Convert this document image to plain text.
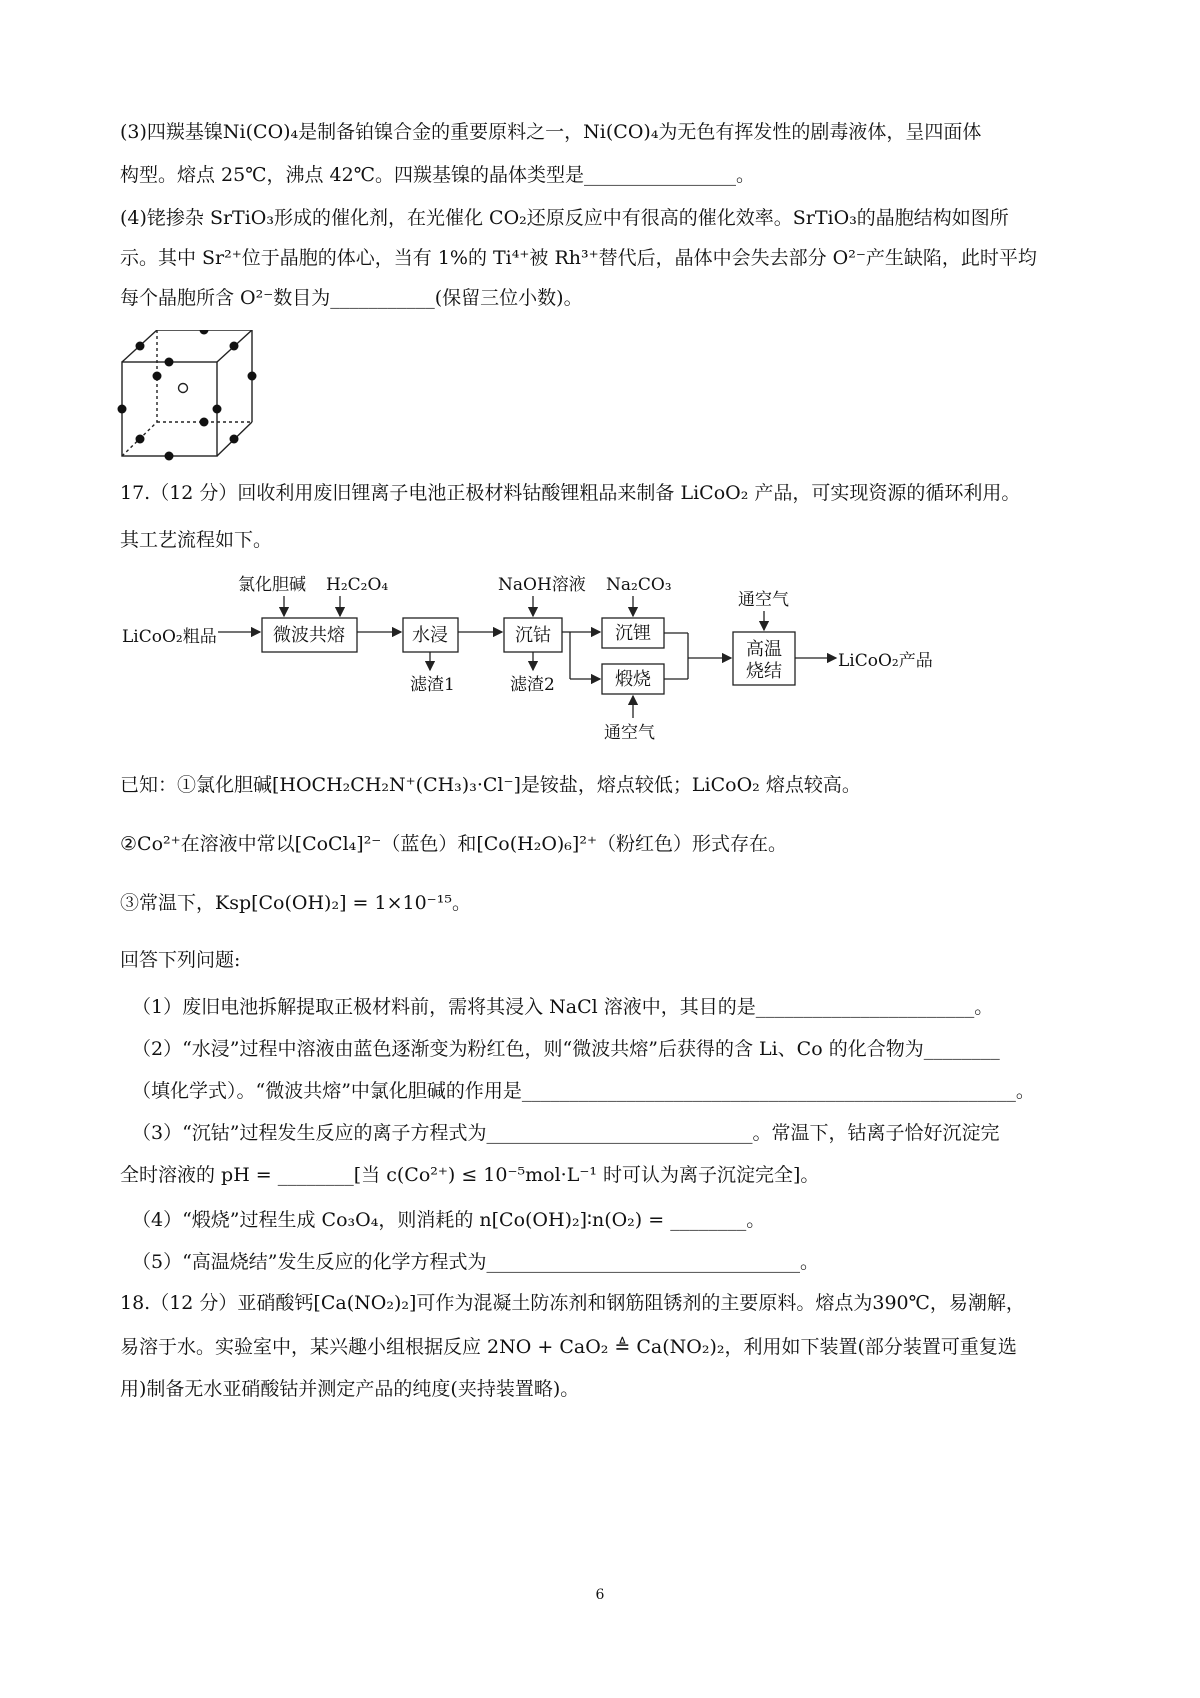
(3)四羰基镍Ni(CO)₄是制备铂镍合金的重要原料之一，Ni(CO)₄为无色有挥发性的剧毒液体，呈四面体
构型。熔点 25℃，沸点 42℃。四羰基镍的晶体类型是________________。
(4)铑掺杂 SrTiO₃形成的催化剂，在光催化 CO₂还原反应中有很高的催化效率。SrTiO₃的晶胞结构如图所
示。其中 Sr²⁺位于晶胞的体心，当有 1%的 Ti⁴⁺被 Rh³⁺替代后，晶体中会失去部分 O²⁻产生缺陷，此时平均
每个晶胞所含 O²⁻数目为___________(保留三位小数)。
17.（12 分）回收利用废旧锂离子电池正极材料钴酸锂粗品来制备 LiCoO₂ 产品，可实现资源的循环利用。
其工艺流程如下。
LiCoO₂粗品
氯化胆碱 H₂C₂O₄	NaOH溶液 Na₂CO₃
通空气
滤渣1	滤渣2
通空气
LiCoO₂产品
微波共熔	水浸	沉钴	沉锂
煅烧
高温
烧结
已知：①氯化胆碱[HOCH₂CH₂N⁺(CH₃)₃·Cl⁻]是铵盐，熔点较低；LiCoO₂ 熔点较高。
②Co²⁺在溶液中常以[CoCl₄]²⁻（蓝色）和[Co(H₂O)₆]²⁺（粉红色）形式存在。
③常温下，Ksp[Co(OH)₂] = 1×10⁻¹⁵。
回答下列问题:
（1）废旧电池拆解提取正极材料前，需将其浸入 NaCl 溶液中，其目的是_______________________。
（2）“水浸”过程中溶液由蓝色逐渐变为粉红色，则“微波共熔”后获得的含 Li、Co 的化合物为________
（填化学式）。“微波共熔”中氯化胆碱的作用是____________________________________________________。
（3）“沉钴”过程发生反应的离子方程式为____________________________。常温下，钴离子恰好沉淀完
全时溶液的 pH = ________[当 c(Co²⁺) ≤ 10⁻⁵mol·L⁻¹ 时可认为离子沉淀完全]。
（4）“煅烧”过程生成 Co₃O₄，则消耗的 n[Co(OH)₂]∶n(O₂) = ________。
（5）“高温烧结”发生反应的化学方程式为_________________________________。
18.（12 分）亚硝酸钙[Ca(NO₂)₂]可作为混凝土防冻剂和钢筋阻锈剂的主要原料。熔点为390℃，易潮解，
易溶于水。实验室中，某兴趣小组根据反应 2NO + CaO₂ ≜ Ca(NO₂)₂，利用如下装置(部分装置可重复选
用)制备无水亚硝酸钴并测定产品的纯度(夹持装置略)。
6
